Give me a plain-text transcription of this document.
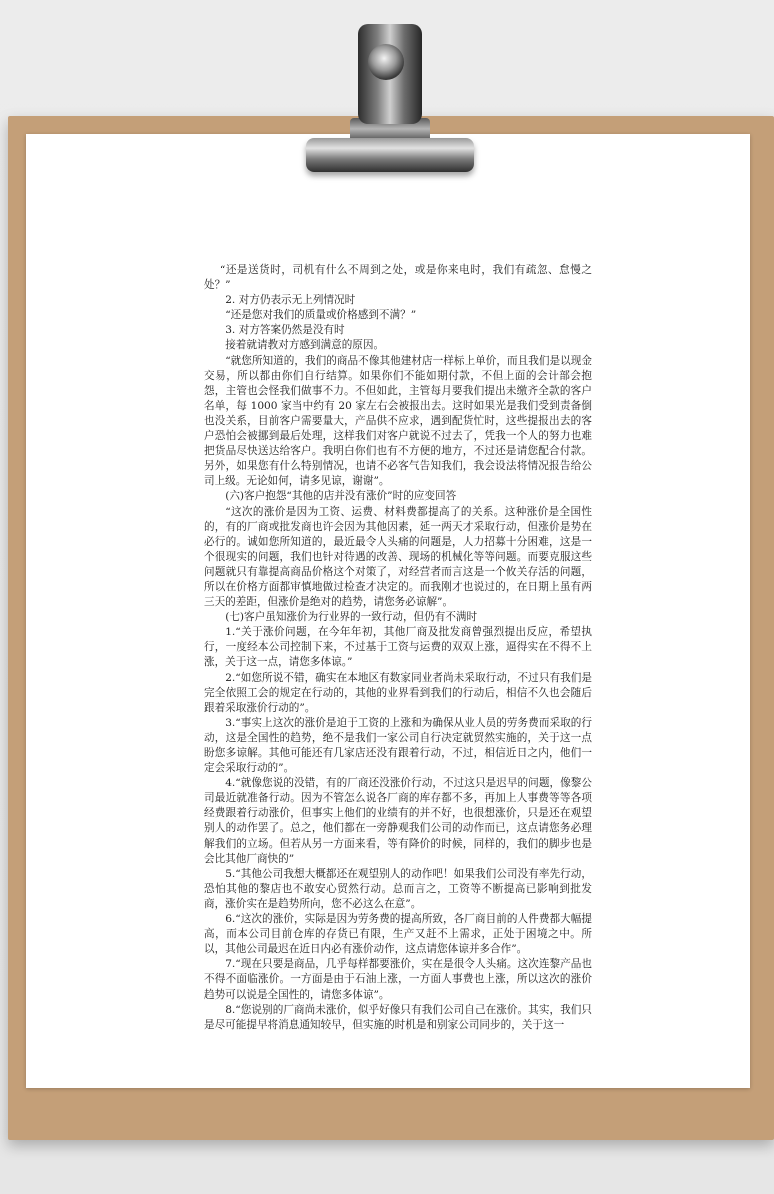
“还是送货时，司机有什么不周到之处，或是你来电时，我们有疏忽、怠慢之处？”

2. 对方仍表示无上列情况时

“还是您对我们的质量或价格感到不满？”

3. 对方答案仍然是没有时

接着就请教对方感到满意的原因。

“就您所知道的，我们的商品不像其他建材店一样标上单价，而且我们是以现金交易，所以都由你们自行结算。如果你们不能如期付款，不但上面的会计部会抱怨，主管也会怪我们做事不力。不但如此，主管每月要我们提出未缴齐全款的客户名单，每 1000 家当中约有 20 家左右会被报出去。这时如果光是我们受到责备倒也没关系，目前客户需要量大，产品供不应求，遇到配货忙时，这些提报出去的客户恐怕会被挪到最后处理，这样我们对客户就说不过去了，凭我一个人的努力也难把货品尽快送达给客户。我明白你们也有不方便的地方，不过还是请您配合付款。另外，如果您有什么特别情况，也请不必客气告知我们，我会设法将情况报告给公司上级。无论如何，请多见谅，谢谢”。

(六)客户抱怨“其他的店并没有涨价”时的应变回答

“这次的涨价是因为工资、运费、材料费都提高了的关系。这种涨价是全国性的，有的厂商或批发商也许会因为其他因素，延一两天才采取行动，但涨价是势在必行的。诚如您所知道的，最近最令人头痛的问题是，人力招募十分困难，这是一个很现实的问题，我们也针对待遇的改善、现场的机械化等等问题。而要克服这些问题就只有靠提高商品价格这个对策了，对经营者而言这是一个攸关存活的问题，所以在价格方面都审慎地做过检查才决定的。而我刚才也说过的，在日期上虽有两三天的差距，但涨价是绝对的趋势，请您务必谅解”。

(七)客户虽知涨价为行业界的一致行动，但仍有不满时

1.“关于涨价问题，在今年年初，其他厂商及批发商曾强烈提出反应，希望执行，一度经本公司控制下来，不过基于工资与运费的双双上涨，逼得实在不得不上涨，关于这一点，请您多体谅。”

2.“如您所说不错，确实在本地区有数家同业者尚未采取行动，不过只有我们是完全依照工会的规定在行动的，其他的业界看到我们的行动后，相信不久也会随后跟着采取涨价行动的”。

3.“事实上这次的涨价是迫于工资的上涨和为确保从业人员的劳务费而采取的行动，这是全国性的趋势，绝不是我们一家公司自行决定就贸然实施的，关于这一点盼您多谅解。其他可能还有几家店还没有跟着行动，不过，相信近日之内，他们一定会采取行动的”。

4.“就像您说的没错，有的厂商还没涨价行动，不过这只是迟早的问题，像黎公司最近就准备行动。因为不管怎么说各厂商的库存都不多，再加上人事费等等各项经费跟着行动涨价，但事实上他们的业绩有的并不好，也很想涨价，只是还在观望别人的动作罢了。总之，他们都在一旁静观我们公司的动作而已，这点请您务必理解我们的立场。但若从另一方面来看，等有降价的时候，同样的，我们的脚步也是会比其他厂商快的”

5.“其他公司我想大概都还在观望别人的动作吧！如果我们公司没有率先行动，恐怕其他的黎店也不敢安心贸然行动。总而言之，工资等不断提高已影响到批发商，涨价实在是趋势所向，您不必这么在意”。

6.“这次的涨价，实际是因为劳务费的提高所致，各厂商目前的人件费都大幅提高，而本公司目前仓库的存货已有限，生产又赶不上需求，正处于困境之中。所以，其他公司最迟在近日内必有涨价动作，这点请您体谅并多合作”。

7.“现在只要是商品，几乎每样都要涨价，实在是很令人头痛。这次连黎产品也不得不面临涨价。一方面是由于石油上涨，一方面人事费也上涨，所以这次的涨价趋势可以说是全国性的，请您多体谅”。

8.“您说别的厂商尚未涨价，似乎好像只有我们公司自己在涨价。其实，我们只是尽可能提早将消息通知较早，但实施的时机是和别家公司同步的，关于这一
